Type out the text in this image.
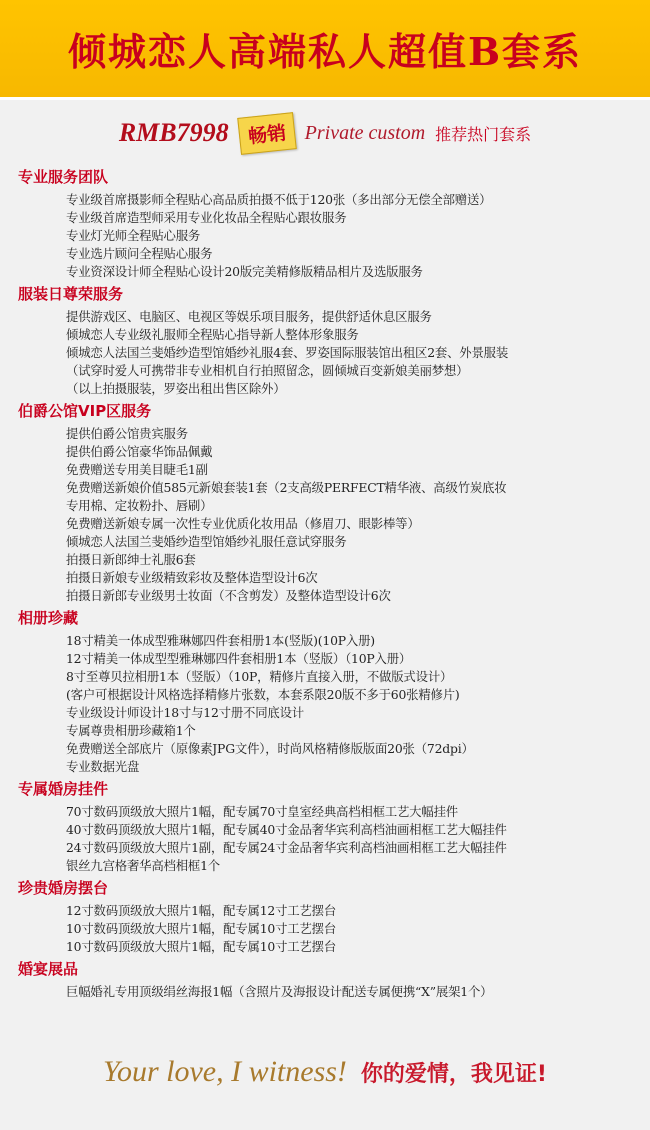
倾城恋人高端私人超值B套系
RMB7998 畅销 Private custom 推荐热门套系
专业服务团队
专业级首席摄影师全程贴心高品质拍摄不低于120张（多出部分无偿全部赠送）
专业级首席造型师采用专业化妆品全程贴心跟妆服务
专业灯光师全程贴心服务
专业选片顾问全程贴心服务
专业资深设计师全程贴心设计20版完美精修版精品相片及选版服务
服装日尊荣服务
提供游戏区、电脑区、电视区等娱乐项目服务，提供舒适休息区服务
倾城恋人专业级礼服师全程贴心指导新人整体形象服务
倾城恋人法国兰斐婚纱造型馆婚纱礼服4套、罗姿国际服装馆出租区2套、外景服装
（试穿时爱人可携带非专业相机自行拍照留念，圆倾城百变新娘美丽梦想）
（以上拍摄服装，罗姿出租出售区除外）
伯爵公馆VIP区服务
提供伯爵公馆贵宾服务
提供伯爵公馆豪华饰品佩戴
免费赠送专用美目睫毛1副
免费赠送新娘价值585元新娘套装1套（2支高级PERFECT精华液、高级竹炭底妆
专用棉、定妆粉扑、唇刷）
免费赠送新娘专属一次性专业优质化妆用品（修眉刀、眼影棒等）
倾城恋人法国兰斐婚纱造型馆婚纱礼服任意试穿服务
拍摄日新郎绅士礼服6套
拍摄日新娘专业级精致彩妆及整体造型设计6次
拍摄日新郎专业级男士妆面（不含剪发）及整体造型设计6次
相册珍藏
18寸精美一体成型雅琳娜四件套相册1本(竖版)(10P入册)
12寸精美一体成型型雅琳娜四件套相册1本（竖版）（10P入册）
8寸至尊贝拉相册1本（竖版）（10P，精修片直接入册，不做版式设计）
(客户可根据设计风格选择精修片张数，本套系限20版不多于60张精修片)
专业级设计师设计18寸与12寸册不同底设计
专属尊贵相册珍藏箱1个
免费赠送全部底片（原像素JPG文件），时尚风格精修版版面20张（72dpi）
专业数据光盘
专属婚房挂件
70寸数码顶级放大照片1幅，配专属70寸皇室经典高档相框工艺大幅挂件
40寸数码顶级放大照片1幅，配专属40寸金品奢华宾利高档油画相框工艺大幅挂件
24寸数码顶级放大照片1副，配专属24寸金品奢华宾利高档油画相框工艺大幅挂件
银丝九宫格奢华高档相框1个
珍贵婚房摆台
12寸数码顶级放大照片1幅，配专属12寸工艺摆台
10寸数码顶级放大照片1幅，配专属10寸工艺摆台
10寸数码顶级放大照片1幅，配专属10寸工艺摆台
婚宴展品
巨幅婚礼专用顶级绢丝海报1幅（含照片及海报设计配送专属便携“X”展架1个）
Your love, I witness! 你的爱情，我见证!
